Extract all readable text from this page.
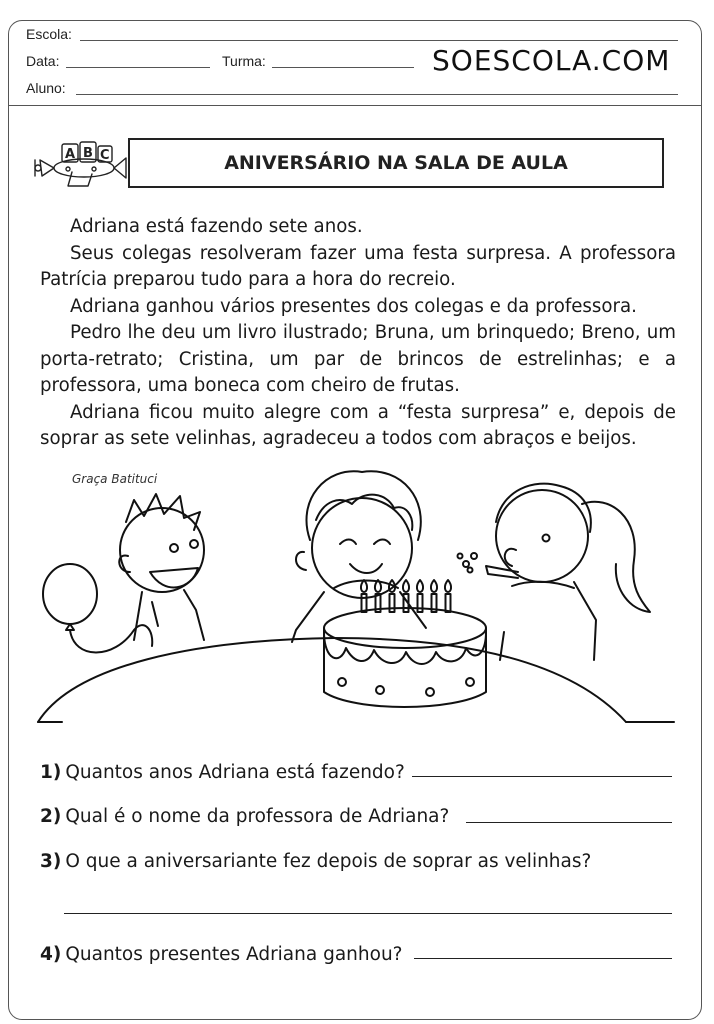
Escola:
Data:	Turma:
Aluno:
SOESCOLA.COM
A B C	ANIVERSÁRIO NA SALA DE AULA

Adriana está fazendo sete anos.

Seus colegas resolveram fazer uma festa surpresa. A professora Patrícia preparou tudo para a hora do recreio.

Adriana ganhou vários presentes dos colegas e da professora.

Pedro lhe deu um livro ilustrado; Bruna, um brinquedo; Breno, um porta-retrato; Cristina, um par de brincos de estrelinhas; e a professora, uma boneca com cheiro de frutas.

Adriana ficou muito alegre com a “festa surpresa” e, depois de soprar as sete velinhas, agradeceu a todos com abraços e beijos.

Graça Batituci
1) Quantos anos Adriana está fazendo?
2) Qual é o nome da professora de Adriana?
3) O que a aniversariante fez depois de soprar as velinhas?
4) Quantos presentes Adriana ganhou?
